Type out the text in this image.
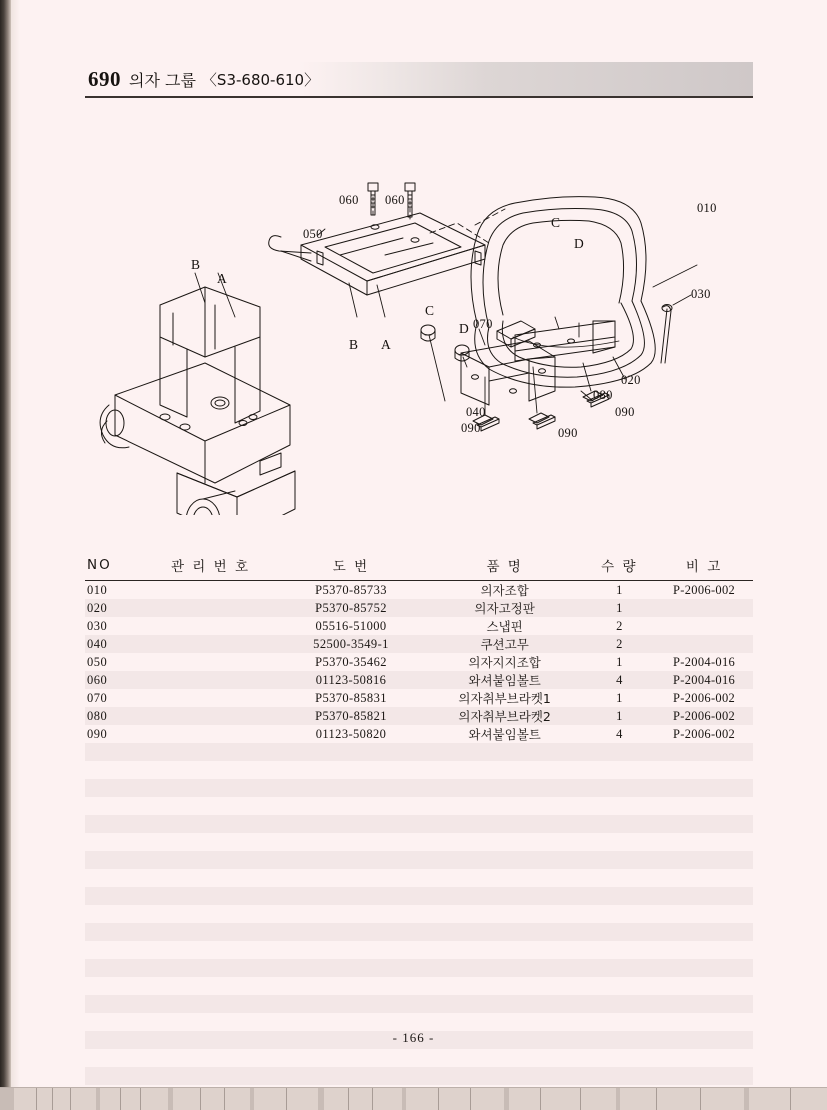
690 의자 그룹 〈S3-680-610〉
010
020
030
040
050
060 060
070
080
090	090
090
A
B
A
B
C
D
C
D
NO	관 리 번 호	도 번	품 명	수 량	비 고
010		P5370-85733	의자조합	1	P-2006-002
020		P5370-85752	의자고정판	1	
030		05516-51000	스냅핀	2	
040		52500-3549-1	쿠션고무	2	
050		P5370-35462	의자지지조합	1	P-2004-016
060		01123-50816	와셔붙임볼트	4	P-2004-016
070		P5370-85831	의자취부브라켓1	1	P-2006-002
080		P5370-85821	의자취부브라켓2	1	P-2006-002
090		01123-50820	와셔붙임볼트	4	P-2006-002

- 166 -
